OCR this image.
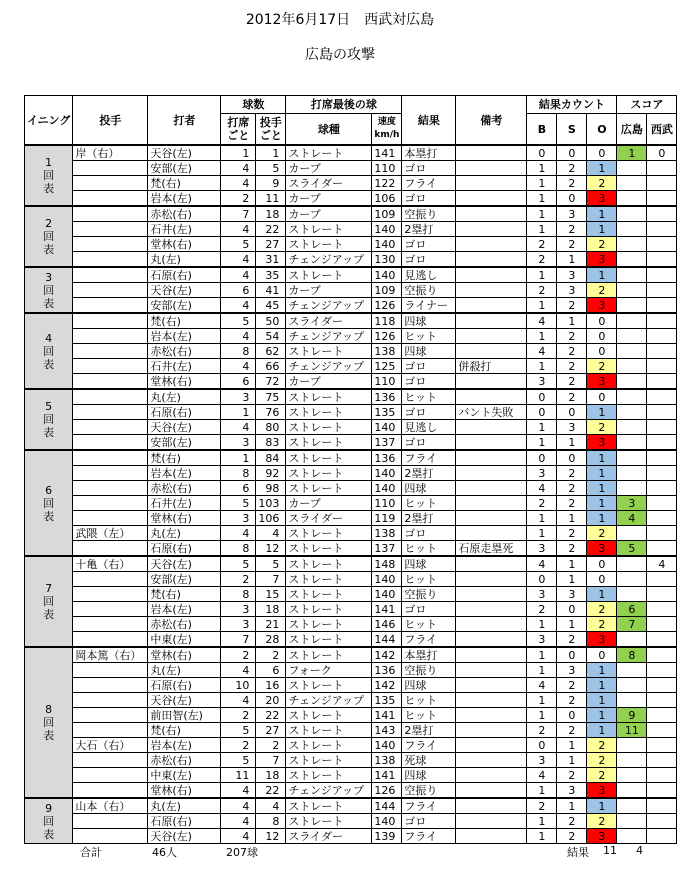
2012年6月17日　西武対広島
広島の攻撃
イニング	投手	打者	球数		打席最後の球		結果	備考	結果カウント			スコア	
			打席ごと	投手ごと	球種	速度km/h			B	S	O	広島	西武
1回表	岸（右）	天谷(左)	1	1	ストレート	141	本塁打		0	0	0	1	0
		安部(左)	4	5	カーブ	110	ゴロ		1	2	1		
		梵(右)	4	9	スライダー	122	フライ		1	2	2		
		岩本(左)	2	11	カーブ	106	ゴロ		1	0	3		
2回表		赤松(右)	7	18	カーブ	109	空振り		1	3	1		
		石井(左)	4	22	ストレート	140	2塁打		1	2	1		
		堂林(右)	5	27	ストレート	140	ゴロ		2	2	2		
		丸(左)	4	31	チェンジアップ	130	ゴロ		2	1	3		
3回表		石原(右)	4	35	ストレート	140	見逃し		1	3	1		
		天谷(左)	6	41	カーブ	109	空振り		2	3	2		
		安部(左)	4	45	チェンジアップ	126	ライナー		1	2	3		
4回表		梵(右)	5	50	スライダー	118	四球		4	1	0		
		岩本(左)	4	54	チェンジアップ	126	ヒット		1	2	0		
		赤松(右)	8	62	ストレート	138	四球		4	2	0		
		石井(左)	4	66	チェンジアップ	125	ゴロ	併殺打	1	2	2		
		堂林(右)	6	72	カーブ	110	ゴロ		3	2	3		
5回表		丸(左)	3	75	ストレート	136	ヒット		0	2	0		
		石原(右)	1	76	ストレート	135	ゴロ	バント失敗	0	0	1		
		天谷(左)	4	80	ストレート	140	見逃し		1	3	2		
		安部(左)	3	83	ストレート	137	ゴロ		1	1	3		
6回表		梵(右)	1	84	ストレート	136	フライ		0	0	1		
		岩本(左)	8	92	ストレート	140	2塁打		3	2	1		
		赤松(右)	6	98	ストレート	140	四球		4	2	1		
		石井(左)	5	103	カーブ	110	ヒット		2	2	1	3	
		堂林(右)	3	106	スライダー	119	2塁打		1	1	1	4	
	武隈（左）	丸(左)	4	4	ストレート	138	ゴロ		1	2	2		
		石原(右)	8	12	ストレート	137	ヒット	石原走塁死	3	2	3	5	
7回表	十亀（右）	天谷(左)	5	5	ストレート	148	四球		4	1	0		4
		安部(左)	2	7	ストレート	140	ヒット		0	1	0		
		梵(右)	8	15	ストレート	140	空振り		3	3	1		
		岩本(左)	3	18	ストレート	141	ゴロ		2	0	2	6	
		赤松(右)	3	21	ストレート	146	ヒット		1	1	2	7	
		中東(左)	7	28	ストレート	144	フライ		3	2	3		
8回表	岡本篤（右）	堂林(右)	2	2	ストレート	142	本塁打		1	0	0	8	
		丸(左)	4	6	フォーク	136	空振り		1	3	1		
		石原(右)	10	16	ストレート	142	四球		4	2	1		
		天谷(左)	4	20	チェンジアップ	135	ヒット		1	2	1		
		前田智(左)	2	22	ストレート	141	ヒット		1	0	1	9	
		梵(右)	5	27	ストレート	143	2塁打		2	2	1	11	
	大石（右）	岩本(左)	2	2	ストレート	140	フライ		0	1	2		
		赤松(右)	5	7	ストレート	138	死球		3	1	2		
		中東(左)	11	18	ストレート	141	四球		4	2	2		
		堂林(右)	4	22	チェンジアップ	126	空振り		1	3	3		
9回表	山本（右）	丸(左)	4	4	ストレート	144	フライ		2	1	1		
		石原(右)	4	8	ストレート	140	ゴロ		1	2	2		
		天谷(左)	4	12	スライダー	139	フライ		1	2	3		
合計	46人	207球	結果 11 4
